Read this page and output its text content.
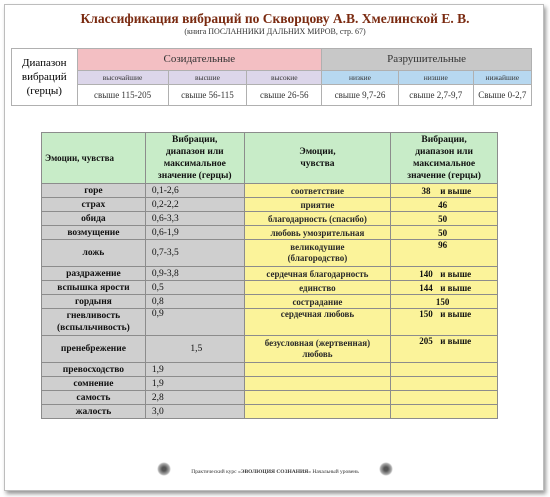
Классификация вибраций по Скворцову А.В. Хмелинской Е. В.
(книга ПОСЛАННИКИ ДАЛЬНИХ МИРОВ, стр. 67)
Диапазон
вибраций
(герцы)	Созидательные			Разрушительные		
	высочайшие	высшие	высокие	низкие	низшие	нижайшие
	свыше 115-205	свыше 56-115	свыше 26-56	свыше 9,7-26	свыше 2,7-9,7	Свыше 0-2,7
Эмоции, чувства	Вибрации,
диапазон или
максимальное
значение (герцы)	Эмоции,
чувства	Вибрации,
диапазон или
максимальное
значение (герцы)
горе	0,1-2,6	соответствие	38 и выше
страх	0,2-2,2	приятие	46
обида	0,6-3,3	благодарность (спасибо)	50
возмущение	0,6-1,9	любовь умозрительная	50
ложь	0,7-3,5	великодушие
(благородство)	96
раздражение	0,9-3,8	сердечная благодарность	140 и выше
вспышка ярости	0,5	единство	144 и выше
гордыня	0,8	сострадание	150
гневливость
(вспыльчивость)	0,9	сердечная любовь	150 и выше
пренебрежение	1,5	безусловная (жертвенная)
любовь	205 и выше
превосходство	1,9		
сомнение	1,9		
самость	2,8		
жалость	3,0		
Практический курс «ЭВОЛЮЦИЯ СОЗНАНИЯ» Начальный уровень
